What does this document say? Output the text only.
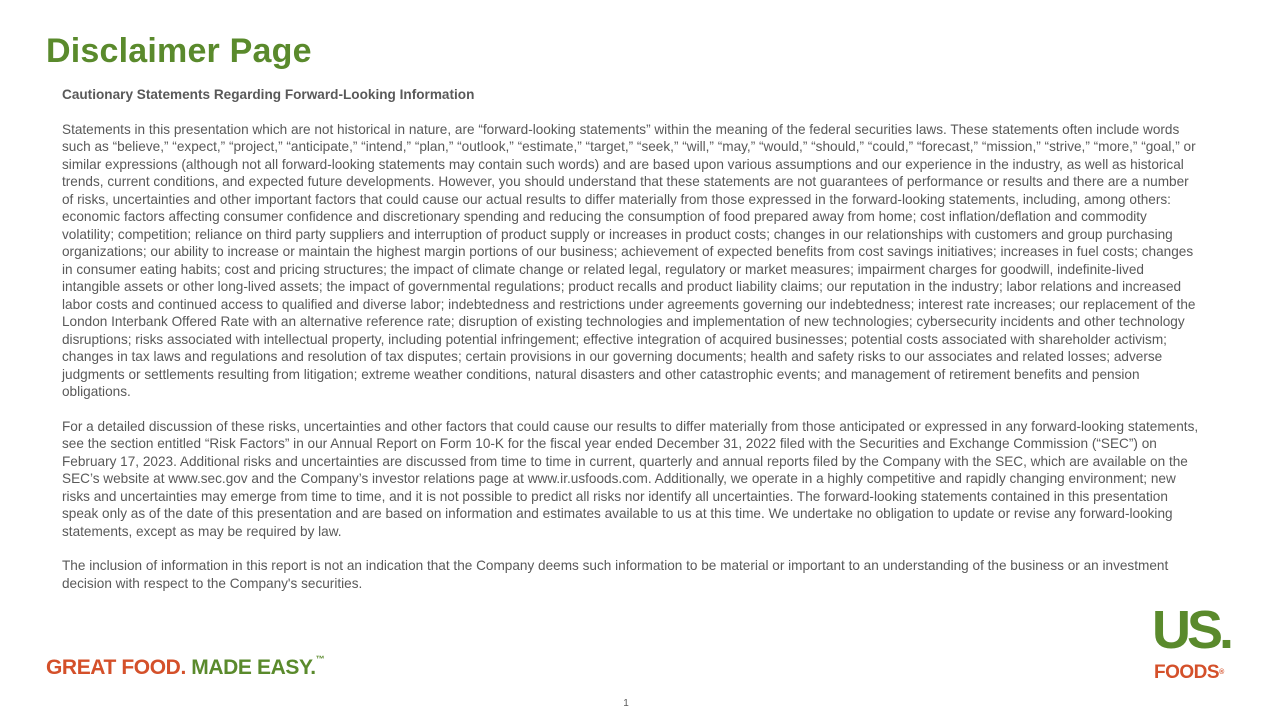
Disclaimer Page

Cautionary Statements Regarding Forward-Looking Information

Statements in this presentation which are not historical in nature, are “forward-looking statements” within the meaning of the federal securities laws. These statements often include words such as “believe,” “expect,” “project,” “anticipate,” “intend,” “plan,” “outlook,” “estimate,” “target,” “seek,” “will,” “may,” “would,” “should,” “could,” “forecast,” “mission,” “strive,” “more,” “goal,” or similar expressions (although not all forward-looking statements may contain such words) and are based upon various assumptions and our experience in the industry, as well as historical trends, current conditions, and expected future developments. However, you should understand that these statements are not guarantees of performance or results and there are a number of risks, uncertainties and other important factors that could cause our actual results to differ materially from those expressed in the forward-looking statements, including, among others: economic factors affecting consumer confidence and discretionary spending and reducing the consumption of food prepared away from home; cost inflation/deflation and commodity volatility; competition; reliance on third party suppliers and interruption of product supply or increases in product costs; changes in our relationships with customers and group purchasing organizations; our ability to increase or maintain the highest margin portions of our business; achievement of expected benefits from cost savings initiatives; increases in fuel costs; changes in consumer eating habits; cost and pricing structures; the impact of climate change or related legal, regulatory or market measures; impairment charges for goodwill, indefinite-lived intangible assets or other long-lived assets; the impact of governmental regulations; product recalls and product liability claims; our reputation in the industry; labor relations and increased labor costs and continued access to qualified and diverse labor; indebtedness and restrictions under agreements governing our indebtedness; interest rate increases; our replacement of the London Interbank Offered Rate with an alternative reference rate; disruption of existing technologies and implementation of new technologies; cybersecurity incidents and other technology disruptions; risks associated with intellectual property, including potential infringement; effective integration of acquired businesses; potential costs associated with shareholder activism; changes in tax laws and regulations and resolution of tax disputes; certain provisions in our governing documents; health and safety risks to our associates and related losses; adverse judgments or settlements resulting from litigation; extreme weather conditions, natural disasters and other catastrophic events; and management of retirement benefits and pension obligations.

For a detailed discussion of these risks, uncertainties and other factors that could cause our results to differ materially from those anticipated or expressed in any forward-looking statements, see the section entitled “Risk Factors” in our Annual Report on Form 10-K for the fiscal year ended December 31, 2022 filed with the Securities and Exchange Commission (“SEC”) on February 17, 2023. Additional risks and uncertainties are discussed from time to time in current, quarterly and annual reports filed by the Company with the SEC, which are available on the SEC’s website at www.sec.gov and the Company’s investor relations page at www.ir.usfoods.com. Additionally, we operate in a highly competitive and rapidly changing environment; new risks and uncertainties may emerge from time to time, and it is not possible to predict all risks nor identify all uncertainties. The forward-looking statements contained in this presentation speak only as of the date of this presentation and are based on information and estimates available to us at this time. We undertake no obligation to update or revise any forward-looking statements, except as may be required by law.

The inclusion of information in this report is not an indication that the Company deems such information to be material or important to an understanding of the business or an investment decision with respect to the Company's securities.

GREAT FOOD. MADE EASY.™	US.
FOODS®
1
